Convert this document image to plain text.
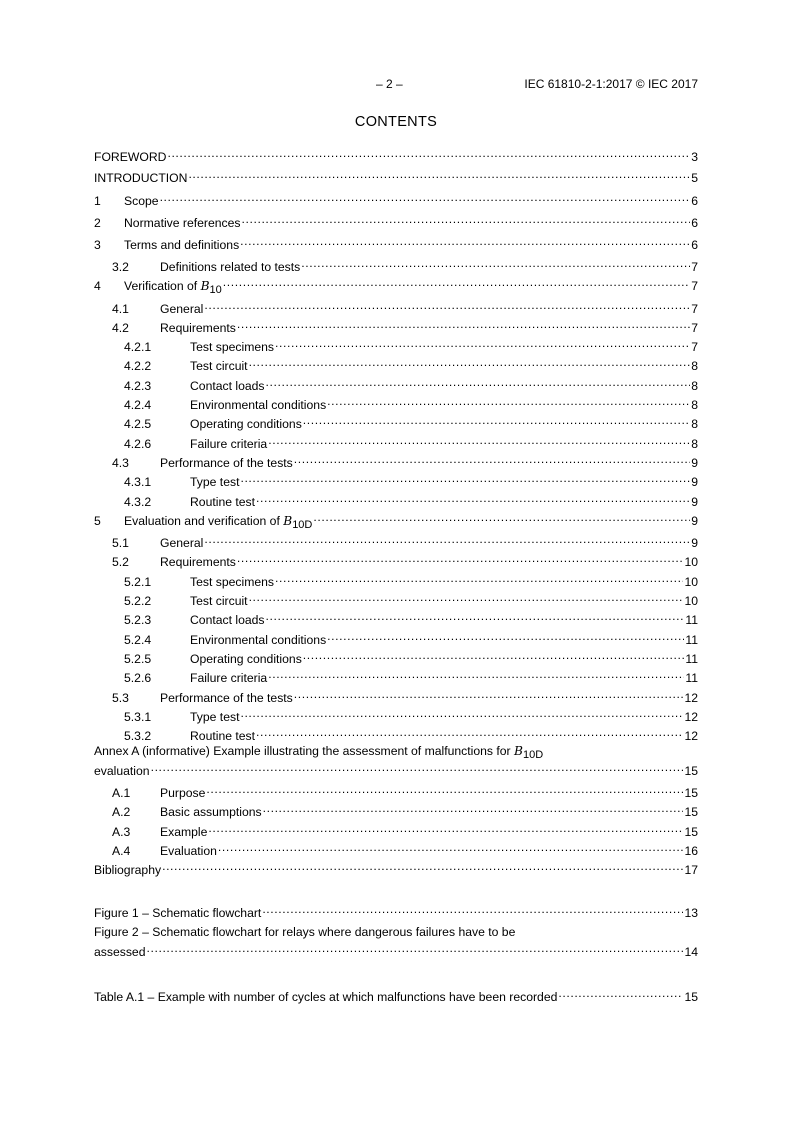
– 2 –	IEC 61810-2-1:2017 © IEC 2017
CONTENTS
FOREWORD .....	3
INTRODUCTION .....	5
1	Scope .....	6
2	Normative references .....	6
3	Terms and definitions .....	6
3.2	Definitions related to tests .....	7
4	Verification of $B_{10}$ .....	7
4.1	General .....	7
4.2	Requirements .....	7
4.2.1	Test specimens .....	7
4.2.2	Test circuit .....	8
4.2.3	Contact loads .....	8
4.2.4	Environmental conditions .....	8
4.2.5	Operating conditions .....	8
4.2.6	Failure criteria .....	8
4.3	Performance of the tests .....	9
4.3.1	Type test .....	9
4.3.2	Routine test .....	9
5	Evaluation and verification of $B_{10D}$ .....	9
5.1	General .....	9
5.2	Requirements .....	10
5.2.1	Test specimens .....	10
5.2.2	Test circuit .....	10
5.2.3	Contact loads .....	11
5.2.4	Environmental conditions .....	11
5.2.5	Operating conditions .....	11
5.2.6	Failure criteria .....	11
5.3	Performance of the tests .....	12
5.3.1	Type test .....	12
5.3.2	Routine test .....	12
Annex A (informative) Example illustrating the assessment of malfunctions for $B_{10D}$
evaluation .....	15
A.1	Purpose .....	15
A.2	Basic assumptions .....	15
A.3	Example .....	15
A.4	Evaluation .....	16
Bibliography .....	17
Figure 1 – Schematic flowchart .....	13
Figure 2 – Schematic flowchart for relays where dangerous failures have to be
assessed .....	14
Table A.1 – Example with number of cycles at which malfunctions have been recorded .....	15
